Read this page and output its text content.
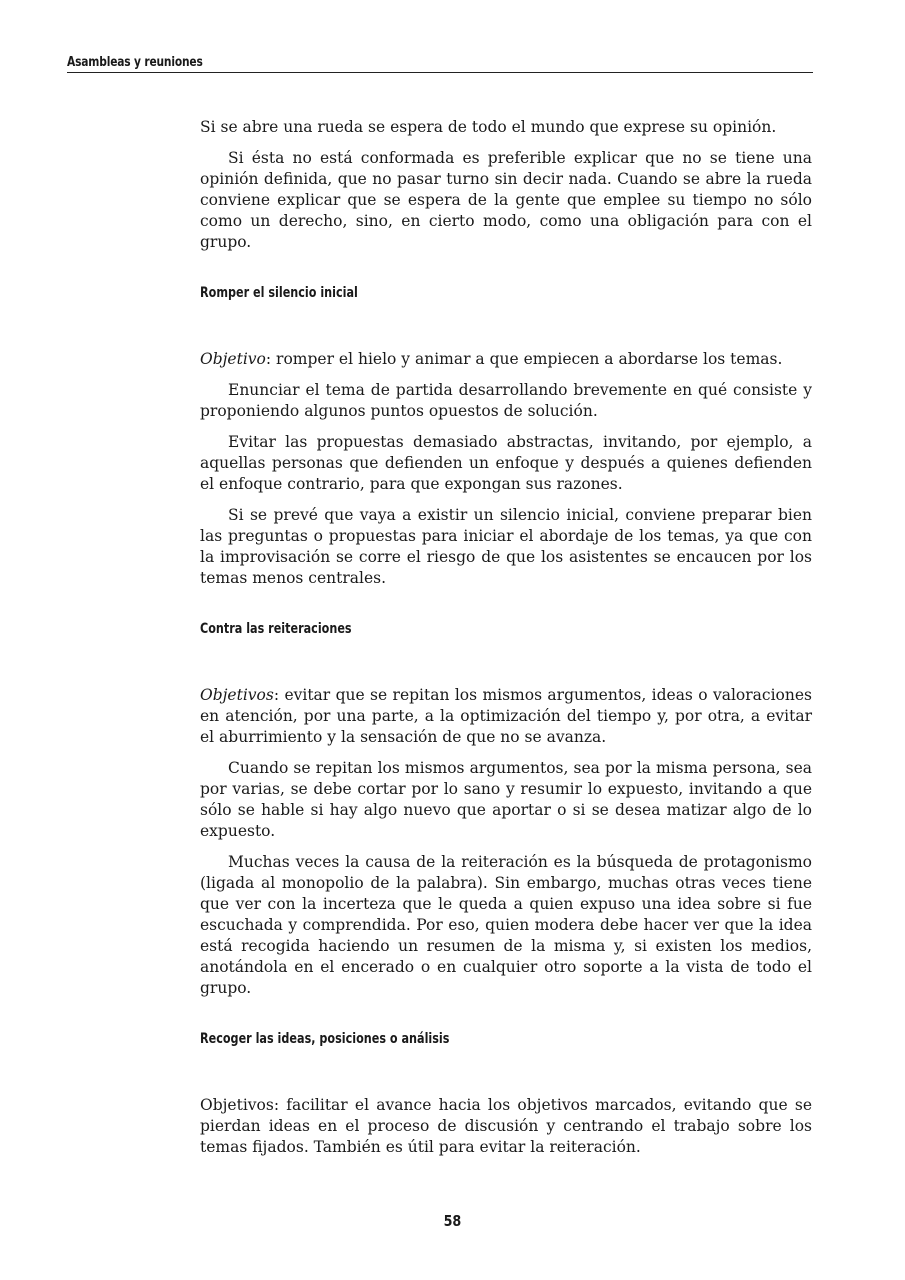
Asambleas y reuniones

Si se abre una rueda se espera de todo el mundo que exprese su opinión.

Si ésta no está conformada es preferible explicar que no se tiene una opinión definida, que no pasar turno sin decir nada. Cuando se abre la rueda conviene explicar que se espera de la gente que emplee su tiempo no sólo como un derecho, sino, en cierto modo, como una obligación para con el grupo.

Romper el silencio inicial

Objetivo: romper el hielo y animar a que empiecen a abordarse los temas.

Enunciar el tema de partida desarrollando brevemente en qué consiste y proponiendo algunos puntos opuestos de solución.

Evitar las propuestas demasiado abstractas, invitando, por ejemplo, a aquellas personas que defienden un enfoque y después a quienes defienden el enfoque contrario, para que expongan sus razones.

Si se prevé que vaya a existir un silencio inicial, conviene preparar bien las preguntas o propuestas para iniciar el abordaje de los temas, ya que con la improvisación se corre el riesgo de que los asistentes se encaucen por los temas menos centrales.

Contra las reiteraciones

Objetivos: evitar que se repitan los mismos argumentos, ideas o valoraciones en atención, por una parte, a la optimización del tiempo y, por otra, a evitar el aburrimiento y la sensación de que no se avanza.

Cuando se repitan los mismos argumentos, sea por la misma persona, sea por varias, se debe cortar por lo sano y resumir lo expuesto, invitando a que sólo se hable si hay algo nuevo que aportar o si se desea matizar algo de lo expuesto.

Muchas veces la causa de la reiteración es la búsqueda de protagonismo (ligada al monopolio de la palabra). Sin embargo, muchas otras veces tiene que ver con la incerteza que le queda a quien expuso una idea sobre si fue escuchada y comprendida. Por eso, quien modera debe hacer ver que la idea está recogida haciendo un resumen de la misma y, si existen los medios, anotándola en el encerado o en cualquier otro soporte a la vista de todo el grupo.

Recoger las ideas, posiciones o análisis

Objetivos: facilitar el avance hacia los objetivos marcados, evitando que se pierdan ideas en el proceso de discusión y centrando el trabajo sobre los temas fijados. También es útil para evitar la reiteración.

58
